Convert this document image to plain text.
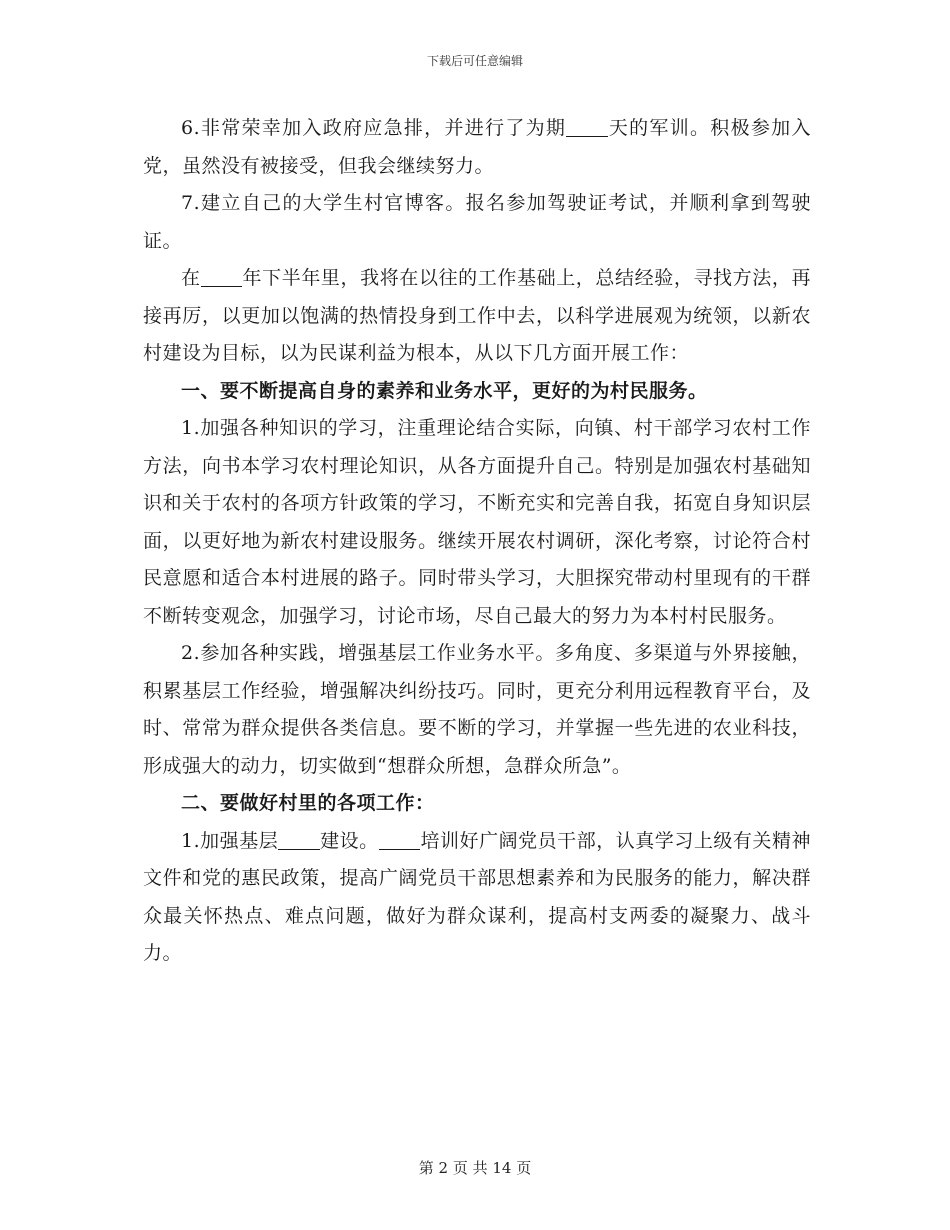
下载后可任意编辑

6.非常荣幸加入政府应急排，并进行了为期 天的军训。积极参加入党，虽然没有被接受，但我会继续努力。

7.建立自己的大学生村官博客。报名参加驾驶证考试，并顺利拿到驾驶证。

在 年下半年里，我将在以往的工作基础上，总结经验，寻找方法，再接再厉，以更加以饱满的热情投身到工作中去，以科学进展观为统领，以新农村建设为目标，以为民谋利益为根本，从以下几方面开展工作：

一、要不断提高自身的素养和业务水平，更好的为村民服务。

1.加强各种知识的学习，注重理论结合实际，向镇、村干部学习农村工作方法，向书本学习农村理论知识，从各方面提升自己。特别是加强农村基础知识和关于农村的各项方针政策的学习，不断充实和完善自我，拓宽自身知识层面，以更好地为新农村建设服务。继续开展农村调研，深化考察，讨论符合村民意愿和适合本村进展的路子。同时带头学习，大胆探究带动村里现有的干群不断转变观念，加强学习，讨论市场，尽自己最大的努力为本村村民服务。

2.参加各种实践，增强基层工作业务水平。多角度、多渠道与外界接触，积累基层工作经验，增强解决纠纷技巧。同时，更充分利用远程教育平台，及时、常常为群众提供各类信息。要不断的学习，并掌握一些先进的农业科技，形成强大的动力，切实做到“想群众所想，急群众所急”。

二、要做好村里的各项工作：

1.加强基层 建设。 培训好广阔党员干部，认真学习上级有关精神文件和党的惠民政策，提高广阔党员干部思想素养和为民服务的能力，解决群众最关怀热点、难点问题，做好为群众谋利，提高村支两委的凝聚力、战斗力。

第 2 页 共 14 页
